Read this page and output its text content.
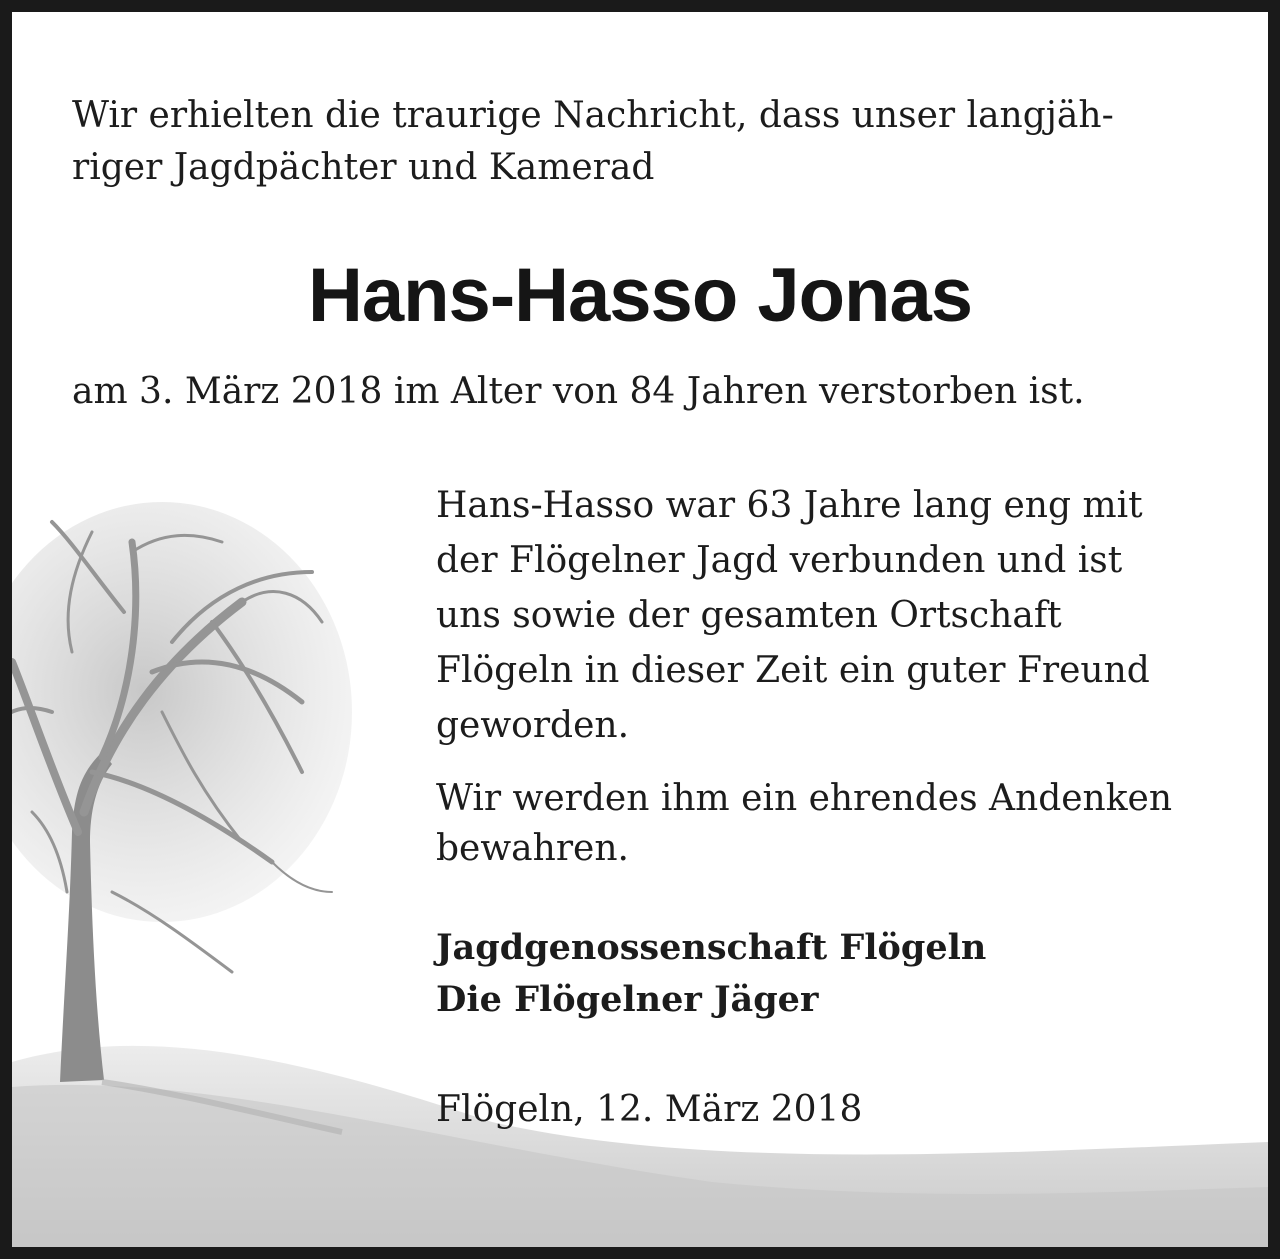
Wir erhielten die traurige Nachricht, dass unser langjäh-
riger Jagdpächter und Kamerad
Hans-Hasso Jonas
am 3. März 2018 im Alter von 84 Jahren verstorben ist.
Hans-Hasso war 63 Jahre lang eng mit
der Flögelner Jagd verbunden und ist
uns sowie der gesamten Ortschaft
Flögeln in dieser Zeit ein guter Freund
geworden.
Wir werden ihm ein ehrendes Andenken
bewahren.
Jagdgenossenschaft Flögeln
Die Flögelner Jäger
Flögeln, 12. März 2018
